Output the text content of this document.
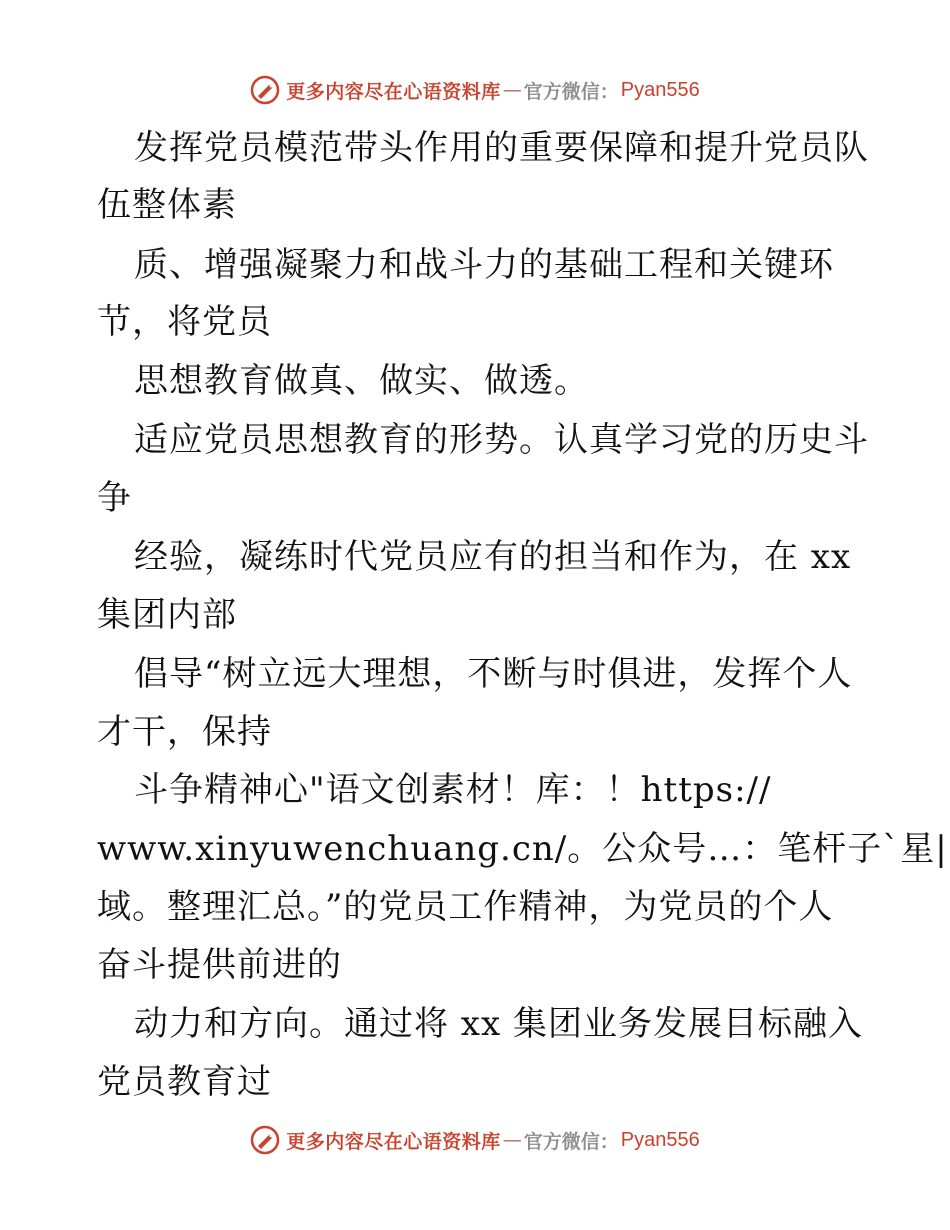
更多内容尽在心语资料库 — 官方微信： Pyan556
发挥党员模范带头作用的重要保障和提升党员队
伍整体素
质、增强凝聚力和战斗力的基础工程和关键环
节，将党员
思想教育做真、做实、做透。
适应党员思想教育的形势。认真学习党的历史斗
争
经验，凝练时代党员应有的担当和作为，在 xx
集团内部
倡导“树立远大理想，不断与时俱进，发挥个人
才干，保持
斗争精神心"语文创素材！库：！https://
www.xinyuwenchuang.cn/。公众号…：笔杆子`星|
域。整理汇总。”的党员工作精神，为党员的个人
奋斗提供前进的
动力和方向。通过将 xx 集团业务发展目标融入
党员教育过
更多内容尽在心语资料库 — 官方微信： Pyan556
